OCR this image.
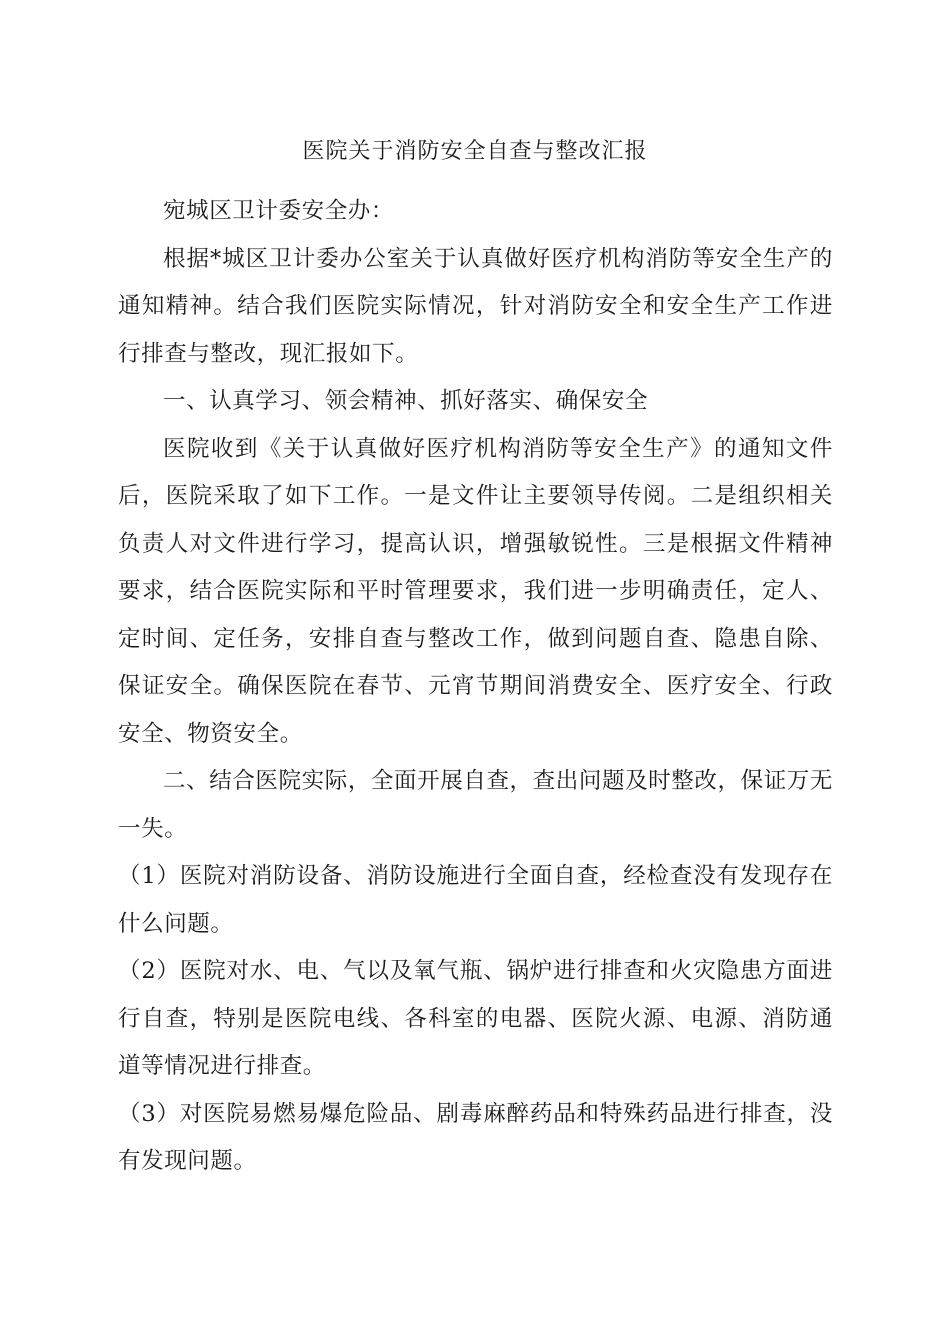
医院关于消防安全自查与整改汇报

宛城区卫计委安全办：

根据*城区卫计委办公室关于认真做好医疗机构消防等安全生产的通知精神。结合我们医院实际情况，针对消防安全和安全生产工作进行排查与整改，现汇报如下。

一、认真学习、领会精神、抓好落实、确保安全

医院收到《关于认真做好医疗机构消防等安全生产》的通知文件后，医院采取了如下工作。一是文件让主要领导传阅。二是组织相关负责人对文件进行学习，提高认识，增强敏锐性。三是根据文件精神要求，结合医院实际和平时管理要求，我们进一步明确责任，定人、定时间、定任务，安排自查与整改工作，做到问题自查、隐患自除、保证安全。确保医院在春节、元宵节期间消费安全、医疗安全、行政安全、物资安全。

二、结合医院实际，全面开展自查，查出问题及时整改，保证万无一失。

（1）医院对消防设备、消防设施进行全面自查，经检查没有发现存在什么问题。

（2）医院对水、电、气以及氧气瓶、锅炉进行排查和火灾隐患方面进行自查，特别是医院电线、各科室的电器、医院火源、电源、消防通道等情况进行排查。

（3）对医院易燃易爆危险品、剧毒麻醉药品和特殊药品进行排查，没有发现问题。
